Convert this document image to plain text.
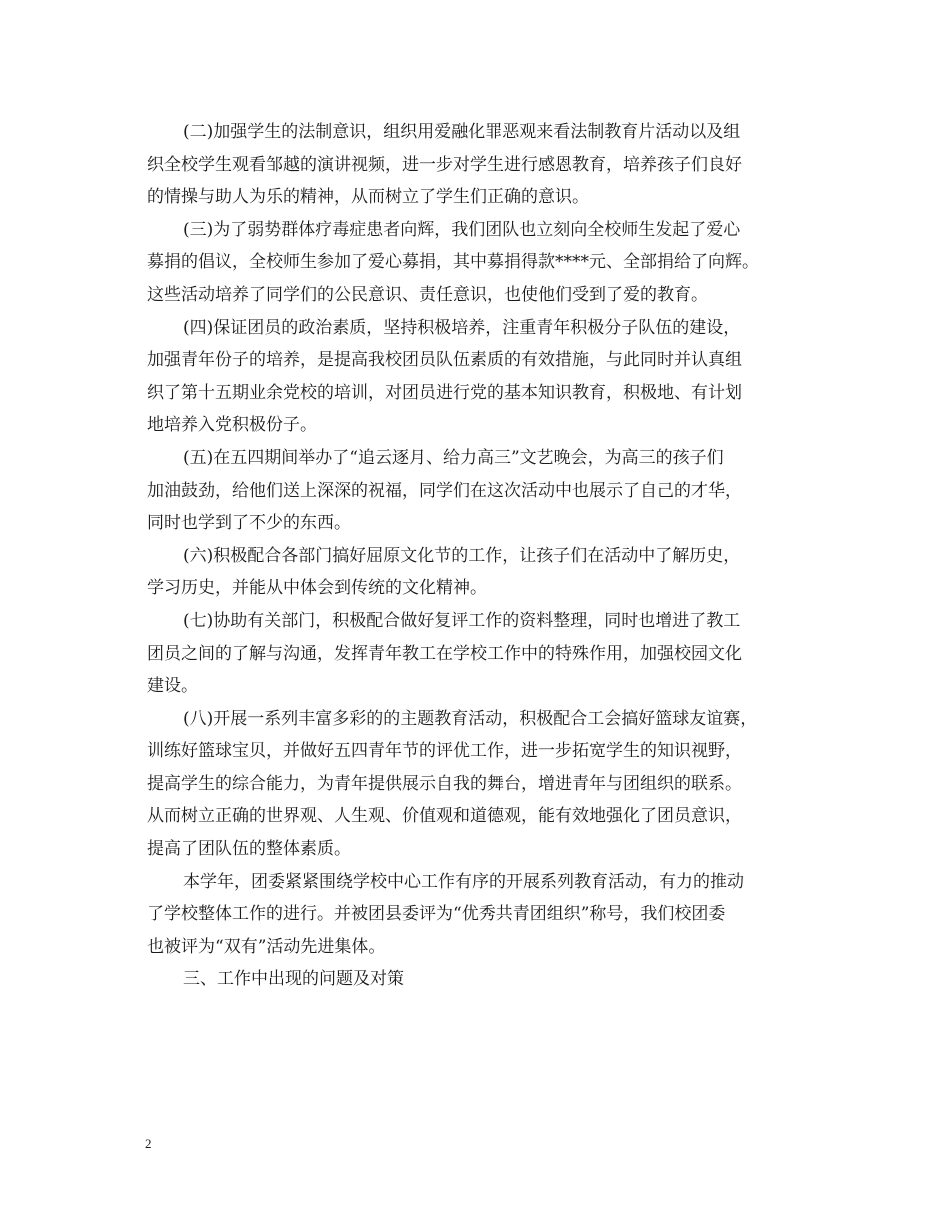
(二)加强学生的法制意识，组织用爱融化罪恶观来看法制教育片活动以及组
织全校学生观看邹越的演讲视频，进一步对学生进行感恩教育，培养孩子们良好
的情操与助人为乐的精神，从而树立了学生们正确的意识。

(三)为了弱势群体疗毒症患者向辉，我们团队也立刻向全校师生发起了爱心
募捐的倡议，全校师生参加了爱心募捐，其中募捐得款****元、全部捐给了向辉。
这些活动培养了同学们的公民意识、责任意识，也使他们受到了爱的教育。

(四)保证团员的政治素质，坚持积极培养，注重青年积极分子队伍的建设，
加强青年份子的培养，是提高我校团员队伍素质的有效措施，与此同时并认真组
织了第十五期业余党校的培训，对团员进行党的基本知识教育，积极地、有计划
地培养入党积极份子。

(五)在五四期间举办了“追云逐月、给力高三”文艺晚会，为高三的孩子们
加油鼓劲，给他们送上深深的祝福，同学们在这次活动中也展示了自己的才华，
同时也学到了不少的东西。

(六)积极配合各部门搞好屈原文化节的工作，让孩子们在活动中了解历史，
学习历史，并能从中体会到传统的文化精神。

(七)协助有关部门，积极配合做好复评工作的资料整理，同时也增进了教工
团员之间的了解与沟通，发挥青年教工在学校工作中的特殊作用，加强校园文化
建设。

(八)开展一系列丰富多彩的的主题教育活动，积极配合工会搞好篮球友谊赛，
训练好篮球宝贝，并做好五四青年节的评优工作，进一步拓宽学生的知识视野，
提高学生的综合能力，为青年提供展示自我的舞台，增进青年与团组织的联系。
从而树立正确的世界观、人生观、价值观和道德观，能有效地强化了团员意识，
提高了团队伍的整体素质。

本学年，团委紧紧围绕学校中心工作有序的开展系列教育活动，有力的推动
了学校整体工作的进行。并被团县委评为“优秀共青团组织”称号，我们校团委
也被评为“双有”活动先进集体。

三、工作中出现的问题及对策

2
